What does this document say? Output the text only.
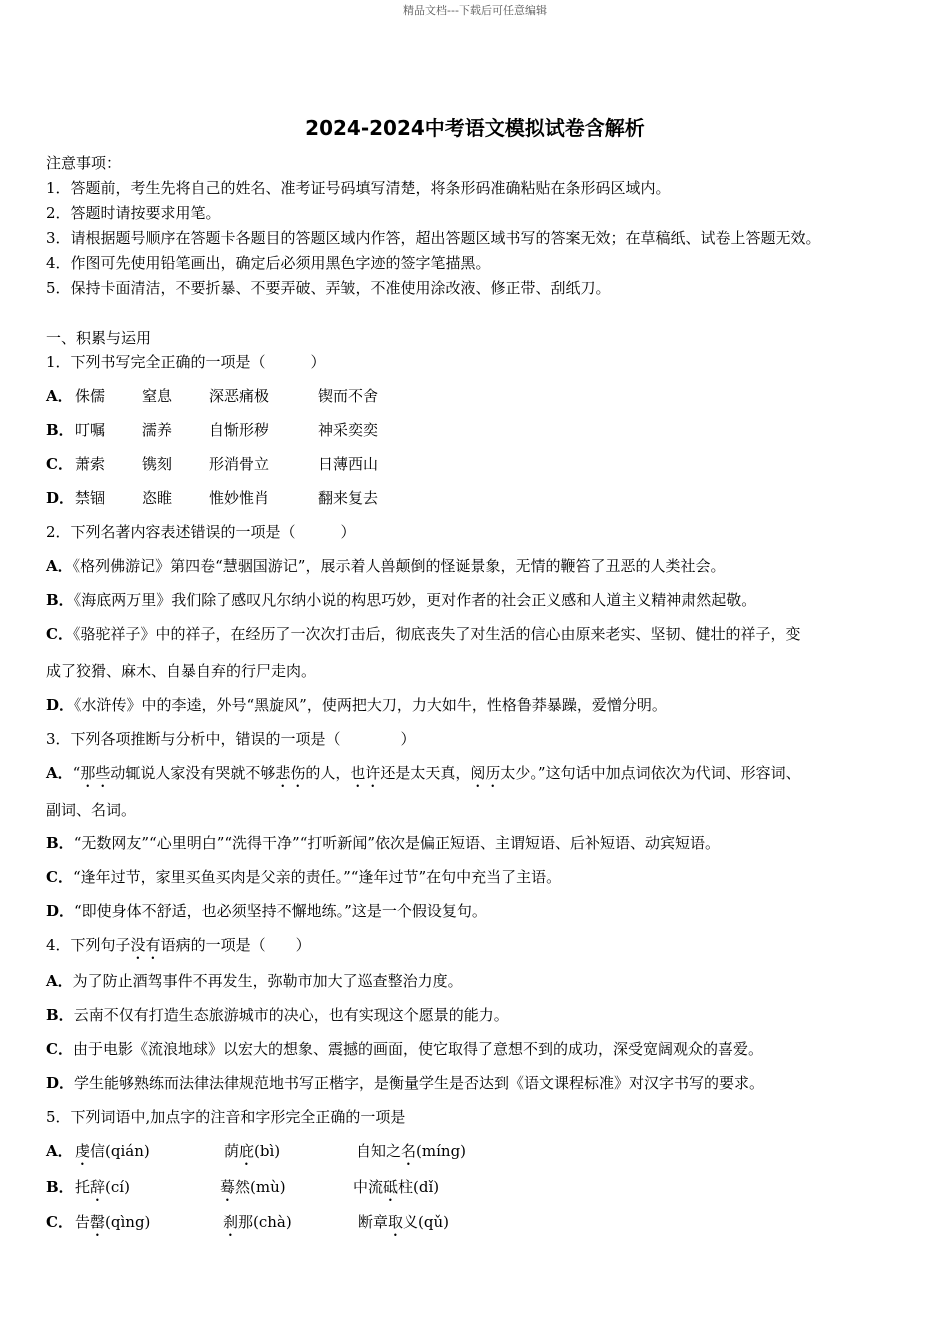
精品文档---下载后可任意编辑
2024-2024中考语文模拟试卷含解析
注意事项：
1．答题前，考生先将自己的姓名、准考证号码填写清楚，将条形码准确粘贴在条形码区域内。
2．答题时请按要求用笔。
3．请根据题号顺序在答题卡各题目的答题区域内作答，超出答题区域书写的答案无效；在草稿纸、试卷上答题无效。
4．作图可先使用铅笔画出，确定后必须用黑色字迹的签字笔描黑。
5．保持卡面清洁，不要折暴、不要弄破、弄皱，不准使用涂改液、修正带、刮纸刀。
一、积累与运用
1．下列书写完全正确的一项是（　　　）
A． 侏儒 窒息 深恶痛极	锲而不舍
B． 叮嘱 濡养 自惭形秽	神采奕奕
C． 萧索 镌刻 形消骨立	日薄西山
D． 禁锢 恣睢 惟妙惟肖	翻来复去
2．下列名著内容表述错误的一项是（　　　）
A．《格列佛游记》第四卷“慧骃国游记”，展示着人兽颠倒的怪诞景象，无情的鞭笞了丑恶的人类社会。
B．《海底两万里》我们除了感叹凡尔纳小说的构思巧妙，更对作者的社会正义感和人道主义精神肃然起敬。
C．《骆驼祥子》中的祥子，在经历了一次次打击后，彻底丧失了对生活的信心由原来老实、坚韧、健壮的祥子，变
成了狡猾、麻木、自暴自弃的行尸走肉。
D．《水浒传》中的李逵，外号“黑旋风”，使两把大刀，力大如牛，性格鲁莽暴躁，爱憎分明。
3．下列各项推断与分析中，错误的一项是（　　　　）
A．“那些动辄说人家没有哭就不够悲伤的人，也许还是太天真，阅历太少。”这句话中加点词依次为代词、形容词、
副词、名词。
B．“无数网友”“心里明白”“洗得干净”“打听新闻”依次是偏正短语、主谓短语、后补短语、动宾短语。
C．“逢年过节，家里买鱼买肉是父亲的责任。”“逢年过节”在句中充当了主语。
D．“即使身体不舒适，也必须坚持不懈地练。”这是一个假设复句。
4．下列句子没有语病的一项是（　　）
A．为了防止酒驾事件不再发生，弥勒市加大了巡查整治力度。
B．云南不仅有打造生态旅游城市的决心，也有实现这个愿景的能力。
C．由于电影《流浪地球》以宏大的想象、震撼的画面，使它取得了意想不到的成功，深受宽阔观众的喜爱。
D．学生能够熟练而法律法律规范地书写正楷字，是衡量学生是否达到《语文课程标准》对汉字书写的要求。
5．下列词语中,加点字的注音和字形完全正确的一项是
A． 虔信(qián)	荫庇(bì)	自知之名(míng)
B． 托辞(cí)	蓦然(mù)	中流砥柱(dǐ)
C． 告罄(qìng)	刹那(chà)	断章取义(qǔ)
